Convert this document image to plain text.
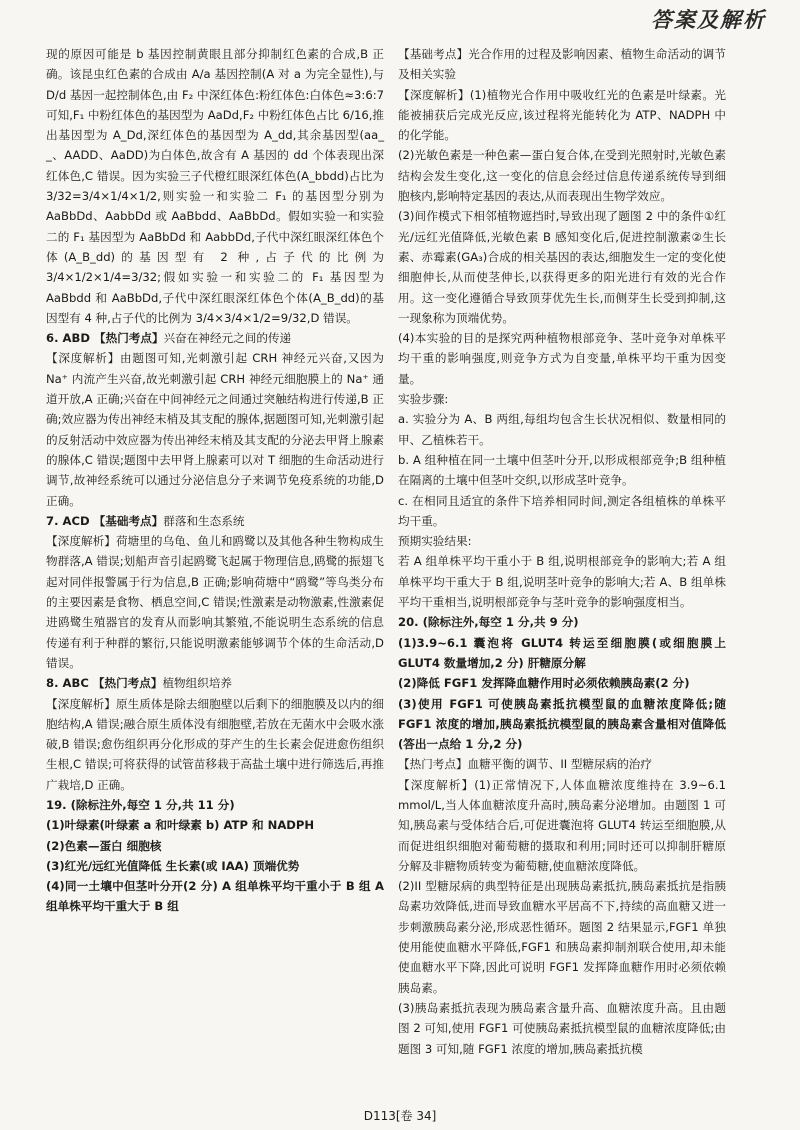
答案及解析

现的原因可能是 b 基因控制黄眼且部分抑制红色素的合成,B 正确。该昆虫红色素的合成由 A/a 基因控制(A 对 a 为完全显性),与 D/d 基因一起控制体色,由 F₂ 中深红体色:粉红体色:白体色≈3:6:7 可知,F₁ 中粉红体色的基因型为 AaDd,F₂ 中粉红体色占比 6/16,推出基因型为 A_Dd,深红体色的基因型为 A_dd,其余基因型(aa_ _、AADD、AaDD)为白体色,故含有 A 基因的 dd 个体表现出深红体色,C 错误。因为实验三子代橙红眼深红体色(A_bbdd)占比为 3/32=3/4×1/4×1/2,则实验一和实验二 F₁ 的基因型分别为 AaBbDd、AabbDd 或 AaBbdd、AaBbDd。假如实验一和实验二的 F₁ 基因型为 AaBbDd 和 AabbDd,子代中深红眼深红体色个体(A_B_dd)的基因型有 2 种,占子代的比例为 3/4×1/2×1/4=3/32;假如实验一和实验二的 F₁ 基因型为 AaBbdd 和 AaBbDd,子代中深红眼深红体色个体(A_B_dd)的基因型有 4 种,占子代的比例为 3/4×3/4×1/2=9/32,D 错误。

6. ABD 【热门考点】兴奋在神经元之间的传递

【深度解析】由题图可知,光刺激引起 CRH 神经元兴奋,又因为 Na⁺ 内流产生兴奋,故光刺激引起 CRH 神经元细胞膜上的 Na⁺ 通道开放,A 正确;兴奋在中间神经元之间通过突触结构进行传递,B 正确;效应器为传出神经末梢及其支配的腺体,据题图可知,光刺激引起的反射活动中效应器为传出神经末梢及其支配的分泌去甲肾上腺素的腺体,C 错误;题图中去甲肾上腺素可以对 T 细胞的生命活动进行调节,故神经系统可以通过分泌信息分子来调节免疫系统的功能,D 正确。

7. ACD 【基础考点】群落和生态系统

【深度解析】荷塘里的乌龟、鱼儿和鸥鹭以及其他各种生物构成生物群落,A 错误;划船声音引起鸥鹭飞起属于物理信息,鸥鹭的振翅飞起对同伴报警属于行为信息,B 正确;影响荷塘中“鸥鹭”等鸟类分布的主要因素是食物、栖息空间,C 错误;性激素是动物激素,性激素促进鸥鹭生殖器官的发育从而影响其繁殖,不能说明生态系统的信息传递有利于种群的繁衍,只能说明激素能够调节个体的生命活动,D 错误。

8. ABC 【热门考点】植物组织培养

【深度解析】原生质体是除去细胞壁以后剩下的细胞膜及以内的细胞结构,A 错误;融合原生质体没有细胞壁,若放在无菌水中会吸水涨破,B 错误;愈伤组织再分化形成的芽产生的生长素会促进愈伤组织生根,C 错误;可将获得的试管苗移栽于高盐土壤中进行筛选后,再推广栽培,D 正确。

19. (除标注外,每空 1 分,共 11 分)

(1)叶绿素(叶绿素 a 和叶绿素 b) ATP 和 NADPH

(2)色素—蛋白 细胞核

(3)红光/远红光值降低 生长素(或 IAA) 顶端优势

(4)同一土壤中但茎叶分开(2 分) A 组单株平均干重小于 B 组 A 组单株平均干重大于 B 组

【基础考点】光合作用的过程及影响因素、植物生命活动的调节及相关实验

【深度解析】(1)植物光合作用中吸收红光的色素是叶绿素。光能被捕获后完成光反应,该过程将光能转化为 ATP、NADPH 中的化学能。

(2)光敏色素是一种色素—蛋白复合体,在受到光照射时,光敏色素结构会发生变化,这一变化的信息会经过信息传递系统传导到细胞核内,影响特定基因的表达,从而表现出生物学效应。

(3)间作模式下相邻植物遮挡时,导致出现了题图 2 中的条件①红光/远红光值降低,光敏色素 B 感知变化后,促进控制激素②生长素、赤霉素(GA₃)合成的相关基因的表达,细胞发生一定的变化使细胞伸长,从而使茎伸长,以获得更多的阳光进行有效的光合作用。这一变化遵循合导致顶芽优先生长,而侧芽生长受到抑制,这一现象称为顶端优势。

(4)本实验的目的是探究两种植物根部竞争、茎叶竞争对单株平均干重的影响强度,则竞争方式为自变量,单株平均干重为因变量。

实验步骤:

a. 实验分为 A、B 两组,每组均包含生长状况相似、数量相同的甲、乙植株若干。

b. A 组种植在同一土壤中但茎叶分开,以形成根部竞争;B 组种植在隔离的土壤中但茎叶交织,以形成茎叶竞争。

c. 在相同且适宜的条件下培养相同时间,测定各组植株的单株平均干重。

预期实验结果:

若 A 组单株平均干重小于 B 组,说明根部竞争的影响大;若 A 组单株平均干重大于 B 组,说明茎叶竞争的影响大;若 A、B 组单株平均干重相当,说明根部竞争与茎叶竞争的影响强度相当。

20. (除标注外,每空 1 分,共 9 分)

(1)3.9~6.1 囊泡将 GLUT4 转运至细胞膜(或细胞膜上 GLUT4 数量增加,2 分) 肝糖原分解

(2)降低 FGF1 发挥降血糖作用时必须依赖胰岛素(2 分)

(3)使用 FGF1 可使胰岛素抵抗模型鼠的血糖浓度降低;随 FGF1 浓度的增加,胰岛素抵抗模型鼠的胰岛素含量相对值降低(答出一点给 1 分,2 分)

【热门考点】血糖平衡的调节、II 型糖尿病的治疗

【深度解析】(1)正常情况下,人体血糖浓度维持在 3.9~6.1 mmol/L,当人体血糖浓度升高时,胰岛素分泌增加。由题图 1 可知,胰岛素与受体结合后,可促进囊泡将 GLUT4 转运至细胞膜,从而促进组织细胞对葡萄糖的摄取和利用;同时还可以抑制肝糖原分解及非糖物质转变为葡萄糖,使血糖浓度降低。

(2)II 型糖尿病的典型特征是出现胰岛素抵抗,胰岛素抵抗是指胰岛素功效降低,进而导致血糖水平居高不下,持续的高血糖又进一步刺激胰岛素分泌,形成恶性循环。题图 2 结果显示,FGF1 单独使用能使血糖水平降低,FGF1 和胰岛素抑制剂联合使用,却未能使血糖水平下降,因此可说明 FGF1 发挥降血糖作用时必须依赖胰岛素。

(3)胰岛素抵抗表现为胰岛素含量升高、血糖浓度升高。且由题图 2 可知,使用 FGF1 可使胰岛素抵抗模型鼠的血糖浓度降低;由题图 3 可知,随 FGF1 浓度的增加,胰岛素抵抗模

D113[卷 34]
